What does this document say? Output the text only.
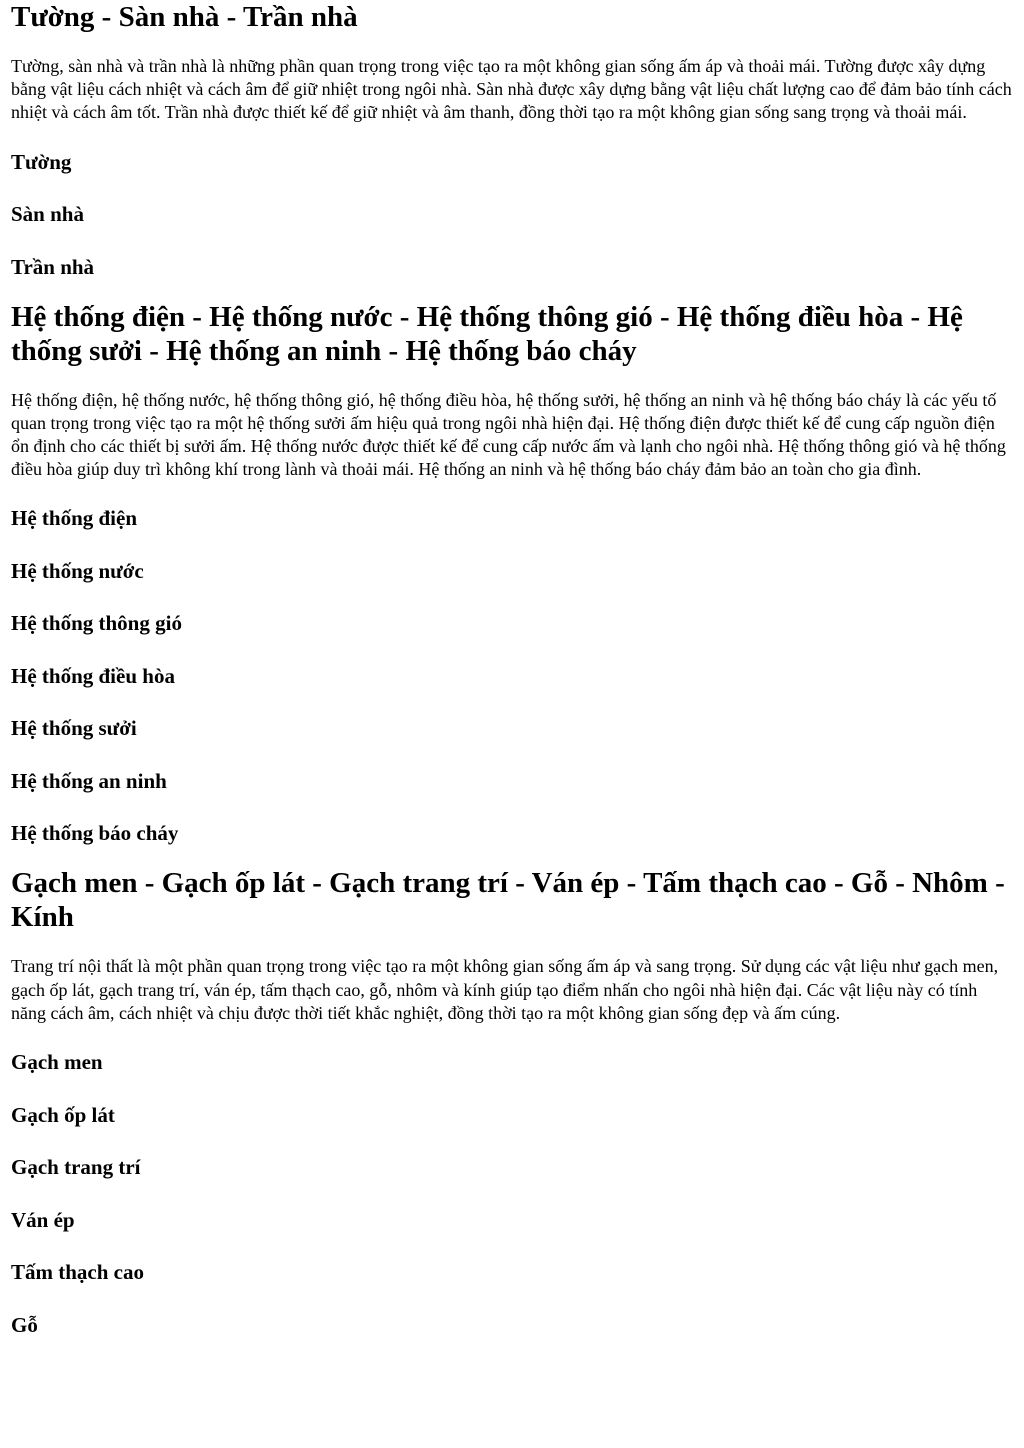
Tường - Sàn nhà - Trần nhà

Tường, sàn nhà và trần nhà là những phần quan trọng trong việc tạo ra một không gian sống ấm áp và thoải mái. Tường được xây dựng bằng vật liệu cách nhiệt và cách âm để giữ nhiệt trong ngôi nhà. Sàn nhà được xây dựng bằng vật liệu chất lượng cao để đảm bảo tính cách nhiệt và cách âm tốt. Trần nhà được thiết kế để giữ nhiệt và âm thanh, đồng thời tạo ra một không gian sống sang trọng và thoải mái.

Tường
Sàn nhà
Trần nhà
Hệ thống điện - Hệ thống nước - Hệ thống thông gió - Hệ thống điều hòa - Hệ thống sưởi - Hệ thống an ninh - Hệ thống báo cháy

Hệ thống điện, hệ thống nước, hệ thống thông gió, hệ thống điều hòa, hệ thống sưởi, hệ thống an ninh và hệ thống báo cháy là các yếu tố quan trọng trong việc tạo ra một hệ thống sưởi ấm hiệu quả trong ngôi nhà hiện đại. Hệ thống điện được thiết kế để cung cấp nguồn điện ổn định cho các thiết bị sưởi ấm. Hệ thống nước được thiết kế để cung cấp nước ấm và lạnh cho ngôi nhà. Hệ thống thông gió và hệ thống điều hòa giúp duy trì không khí trong lành và thoải mái. Hệ thống an ninh và hệ thống báo cháy đảm bảo an toàn cho gia đình.

Hệ thống điện
Hệ thống nước
Hệ thống thông gió
Hệ thống điều hòa
Hệ thống sưởi
Hệ thống an ninh
Hệ thống báo cháy
Gạch men - Gạch ốp lát - Gạch trang trí - Ván ép - Tấm thạch cao - Gỗ - Nhôm - Kính

Trang trí nội thất là một phần quan trọng trong việc tạo ra một không gian sống ấm áp và sang trọng. Sử dụng các vật liệu như gạch men, gạch ốp lát, gạch trang trí, ván ép, tấm thạch cao, gỗ, nhôm và kính giúp tạo điểm nhấn cho ngôi nhà hiện đại. Các vật liệu này có tính năng cách âm, cách nhiệt và chịu được thời tiết khắc nghiệt, đồng thời tạo ra một không gian sống đẹp và ấm cúng.

Gạch men
Gạch ốp lát
Gạch trang trí
Ván ép
Tấm thạch cao
Gỗ
